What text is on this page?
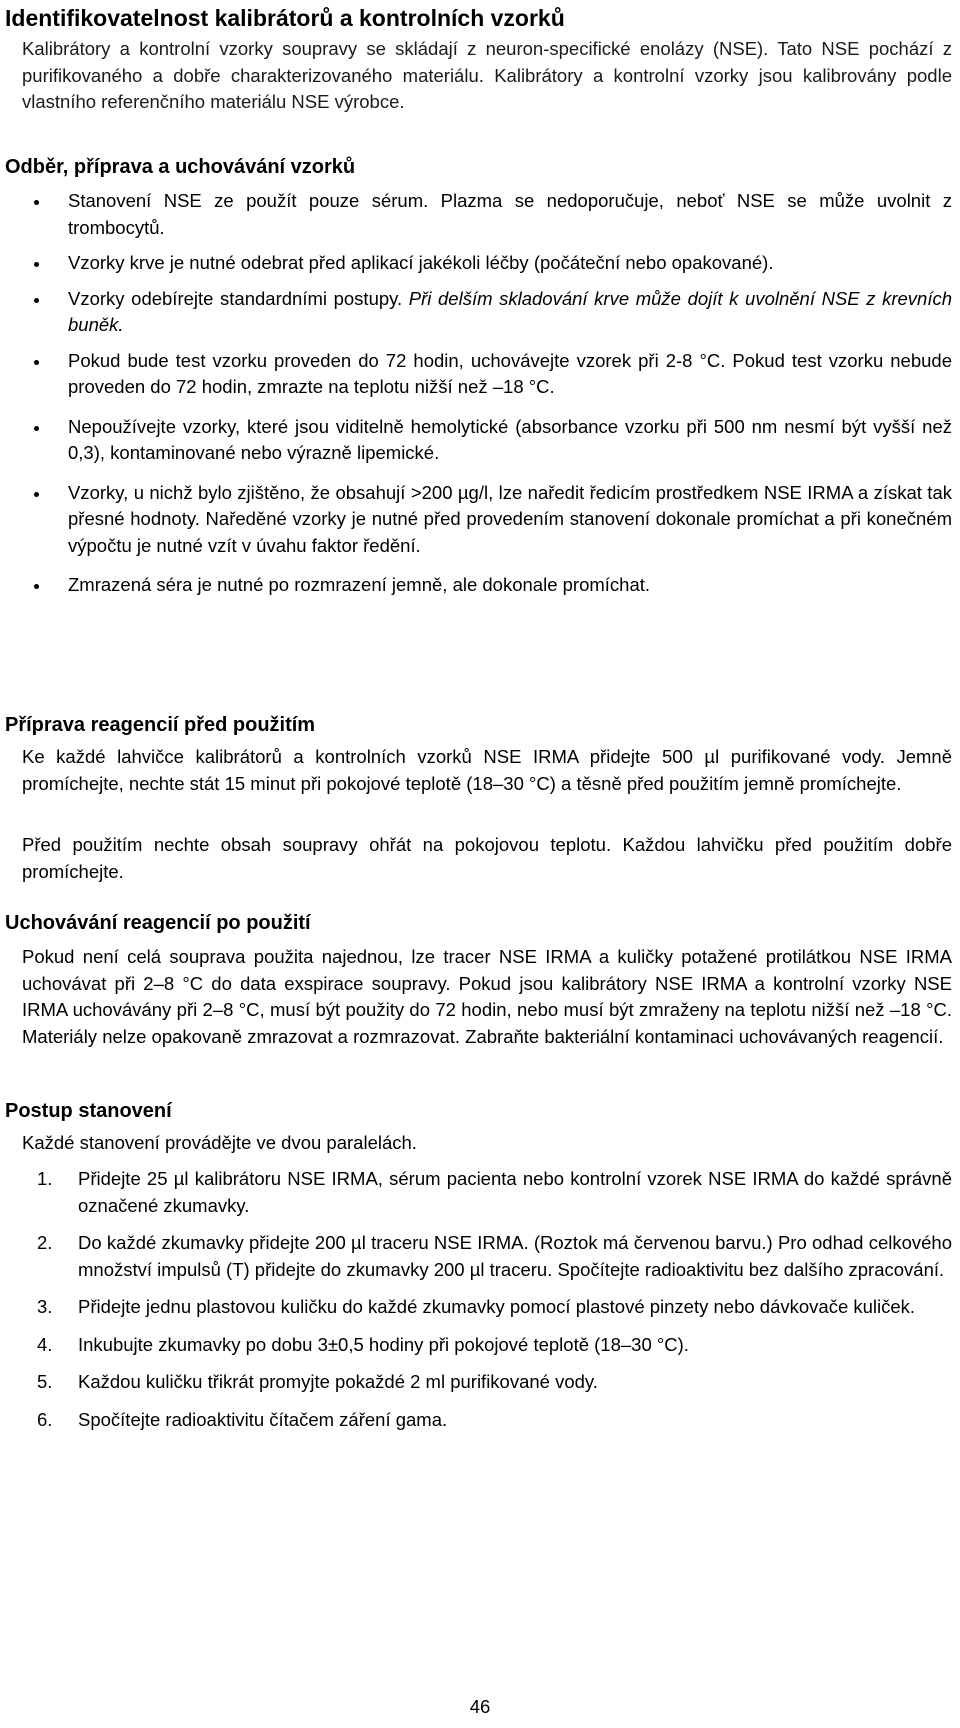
Identifikovatelnost kalibrátorů a kontrolních vzorků
Kalibrátory a kontrolní vzorky soupravy se skládají z neuron-specifické enolázy (NSE). Tato NSE pochází z purifikovaného a dobře charakterizovaného materiálu. Kalibrátory a kontrolní vzorky jsou kalibrovány podle vlastního referenčního materiálu NSE výrobce.
Odběr, příprava a uchovávání vzorků
Stanovení NSE ze použít pouze sérum. Plazma se nedoporučuje, neboť NSE se může uvolnit z trombocytů.
Vzorky krve je nutné odebrat před aplikací jakékoli léčby (počáteční nebo opakované).
Vzorky odebírejte standardními postupy. Při delším skladování krve může dojít k uvolnění NSE z krevních buněk.
Pokud bude test vzorku proveden do 72 hodin, uchovávejte vzorek při 2-8 °C. Pokud test vzorku nebude proveden do 72 hodin, zmrazte na teplotu nižší než –18 °C.
Nepoužívejte vzorky, které jsou viditelně hemolytické (absorbance vzorku při 500 nm nesmí být vyšší než 0,3), kontaminované nebo výrazně lipemické.
Vzorky, u nichž bylo zjištěno, že obsahují >200 µg/l, lze naředit ředicím prostředkem NSE IRMA a získat tak přesné hodnoty. Naředěné vzorky je nutné před provedením stanovení dokonale promíchat a při konečném výpočtu je nutné vzít v úvahu faktor ředění.
Zmrazená séra je nutné po rozmrazení jemně, ale dokonale promíchat.
Příprava reagencií před použitím
Ke každé lahvičce kalibrátorů a kontrolních vzorků NSE IRMA přidejte 500 µl purifikované vody. Jemně promíchejte, nechte stát 15 minut při pokojové teplotě (18–30 °C) a těsně před použitím jemně promíchejte.
Před použitím nechte obsah soupravy ohřát na pokojovou teplotu. Každou lahvičku před použitím dobře promíchejte.
Uchovávání reagencií po použití
Pokud není celá souprava použita najednou, lze tracer NSE IRMA a kuličky potažené protilátkou NSE IRMA uchovávat při 2–8 °C do data exspirace soupravy. Pokud jsou kalibrátory NSE IRMA a kontrolní vzorky NSE IRMA uchovávány při 2–8 °C, musí být použity do 72 hodin, nebo musí být zmraženy na teplotu nižší než –18 °C. Materiály nelze opakovaně zmrazovat a rozmrazovat. Zabraňte bakteriální kontaminaci uchovávaných reagencií.
Postup stanovení
Každé stanovení provádějte ve dvou paralelách.
1. Přidejte 25 µl kalibrátoru NSE IRMA, sérum pacienta nebo kontrolní vzorek NSE IRMA do každé správně označené zkumavky.
2. Do každé zkumavky přidejte 200 µl traceru NSE IRMA. (Roztok má červenou barvu.) Pro odhad celkového množství impulsů (T) přidejte do zkumavky 200 µl traceru. Spočítejte radioaktivitu bez dalšího zpracování.
3. Přidejte jednu plastovou kuličku do každé zkumavky pomocí plastové pinzety nebo dávkovače kuliček.
4. Inkubujte zkumavky po dobu 3±0,5 hodiny při pokojové teplotě (18–30 °C).
5. Každou kuličku třikrát promyjte pokaždé 2 ml purifikované vody.
6. Spočítejte radioaktivitu čítačem záření gama.
46
